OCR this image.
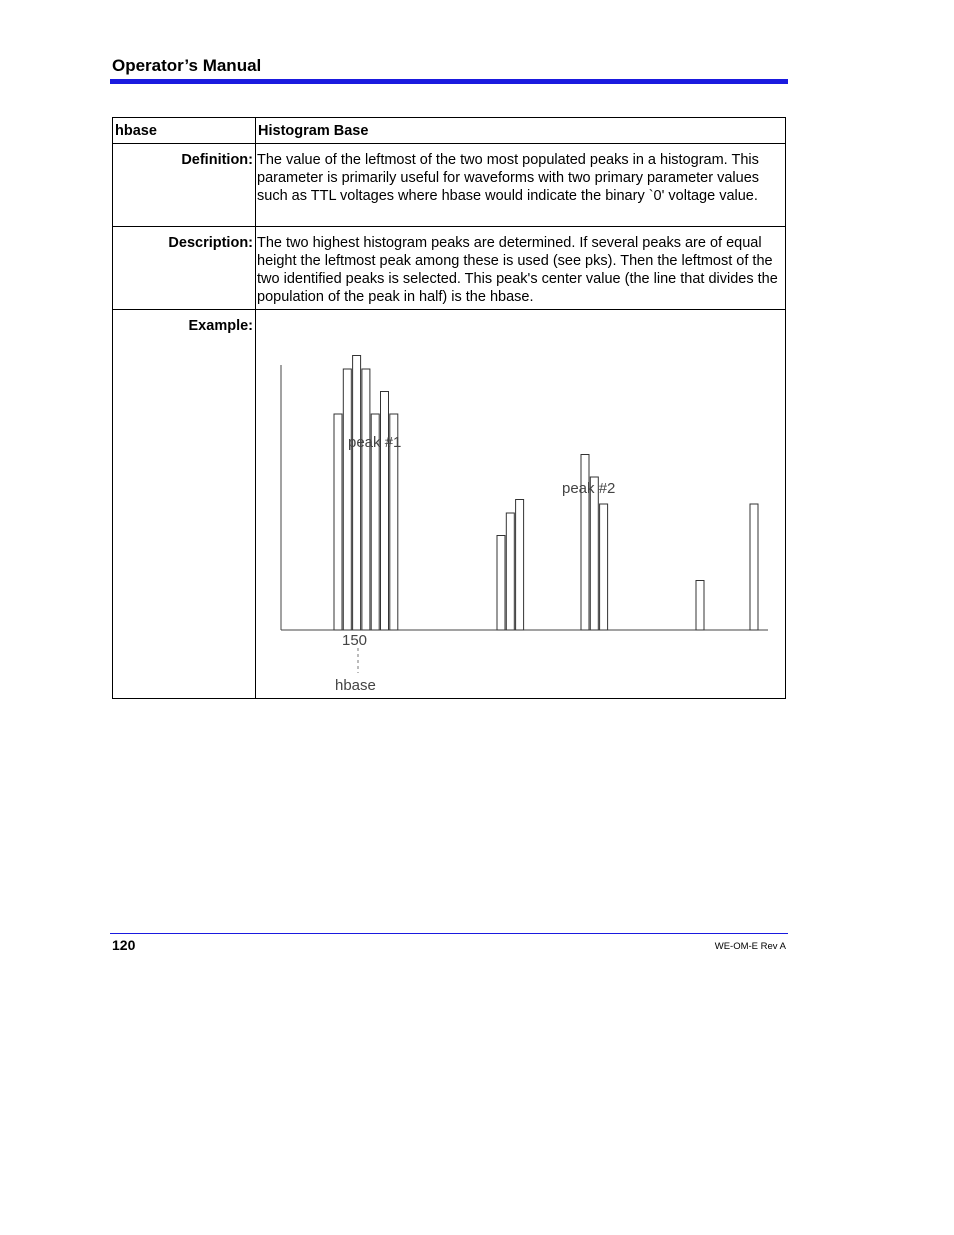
Operator’s Manual
hbase	Histogram Base
Definition:	The value of the leftmost of the two most populated peaks in a histogram. This parameter is primarily useful for waveforms with two primary parameter values such as TTL voltages where hbase would indicate the binary `0' voltage value.
Description:	The two highest histogram peaks are determined. If several peaks are of equal height the leftmost peak among these is used (see pks). Then the leftmost of the two identified peaks is selected. This peak's center value (the line that divides the population of the peak in half) is the hbase.
Example:	peak #1
peak #2
150
hbase
120	WE-OM-E Rev A
